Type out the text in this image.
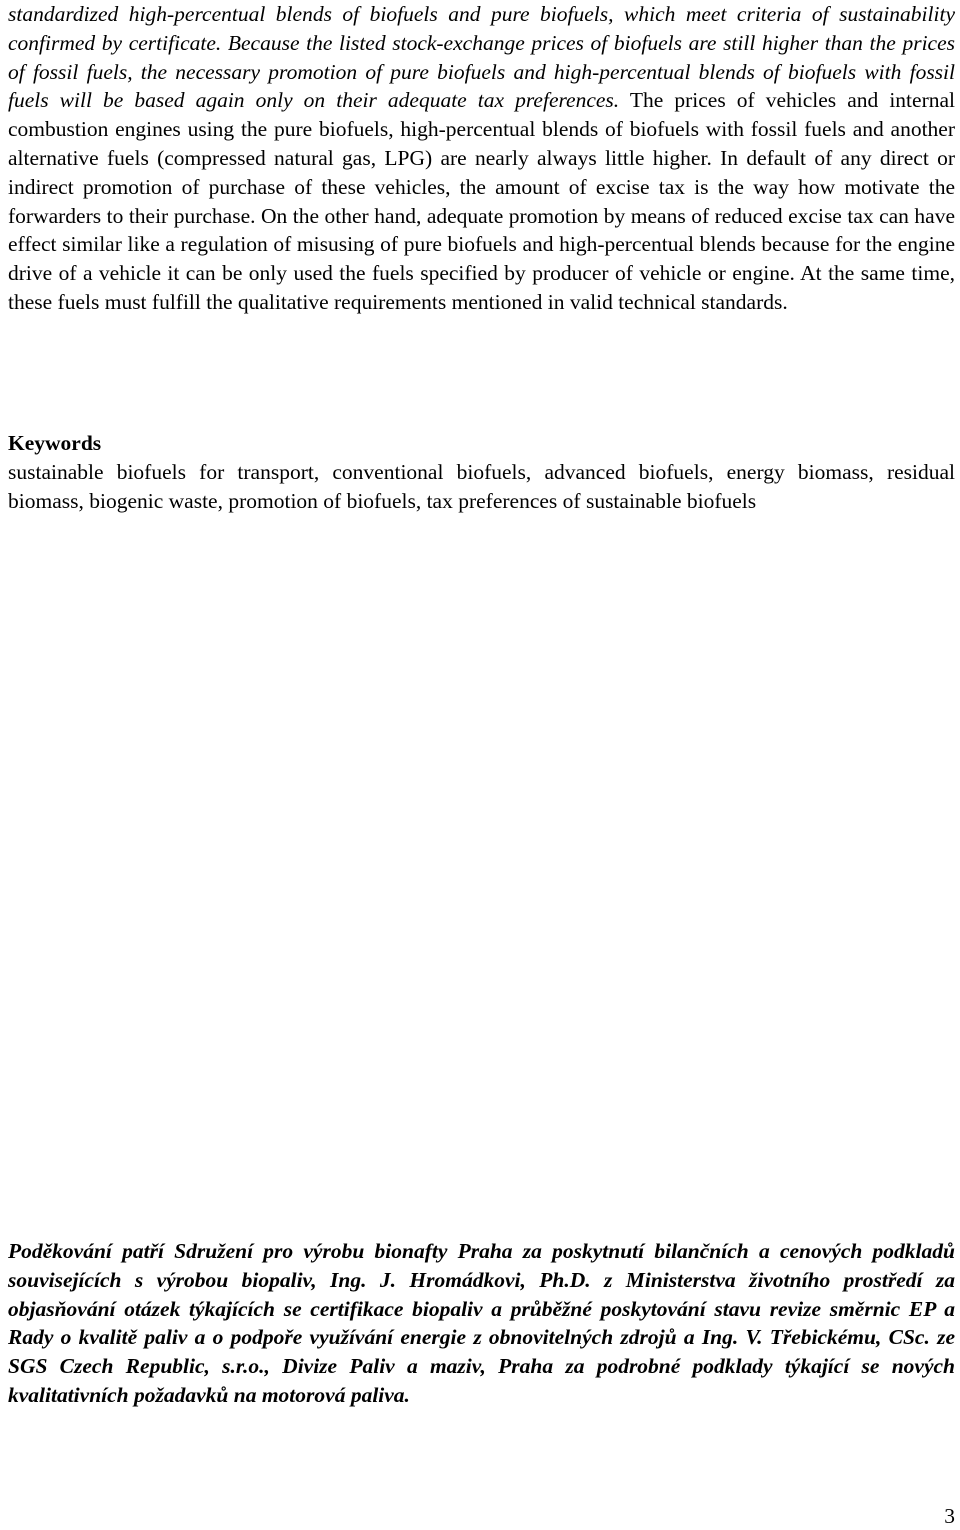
standardized high-percentual blends of biofuels and pure biofuels, which meet criteria of sustainability confirmed by certificate. Because the listed stock-exchange prices of biofuels are still higher than the prices of fossil fuels, the necessary promotion of pure biofuels and high-percentual blends of biofuels with fossil fuels will be based again only on their adequate tax preferences. The prices of vehicles and internal combustion engines using the pure biofuels, high-percentual blends of biofuels with fossil fuels and another alternative fuels (compressed natural gas, LPG) are nearly always little higher. In default of any direct or indirect promotion of purchase of these vehicles, the amount of excise tax is the way how motivate the forwarders to their purchase. On the other hand, adequate promotion by means of reduced excise tax can have effect similar like a regulation of misusing of pure biofuels and high-percentual blends because for the engine drive of a vehicle it can be only used the fuels specified by producer of vehicle or engine. At the same time, these fuels must fulfill the qualitative requirements mentioned in valid technical standards.

Keywords

sustainable biofuels for transport, conventional biofuels, advanced biofuels, energy biomass, residual biomass, biogenic waste, promotion of biofuels, tax preferences of sustainable biofuels

Poděkování patří Sdružení pro výrobu bionafty Praha za poskytnutí bilančních a cenových podkladů souvisejících s výrobou biopaliv, Ing. J. Hromádkovi, Ph.D. z Ministerstva životního prostředí za objasňování otázek týkajících se certifikace biopaliv a průběžné poskytování stavu revize směrnic EP a Rady o kvalitě paliv a o podpoře využívání energie z obnovitelných zdrojů a Ing. V. Třebickému, CSc. ze SGS Czech Republic, s.r.o., Divize Paliv a maziv, Praha za podrobné podklady týkající se nových kvalitativních požadavků na motorová paliva.

3
